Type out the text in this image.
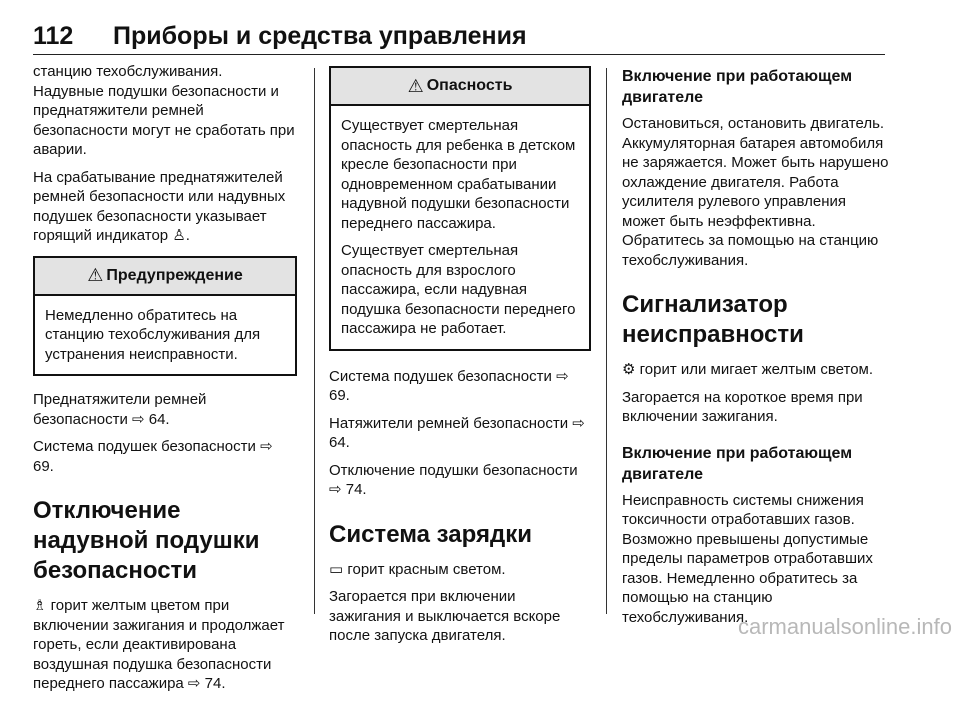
112 Приборы и средства управления

станцию техобслуживания. Надувные подушки безопасности и преднатяжители ремней безопасности могут не сработать при аварии.

На срабатывание преднатяжителей ремней безопасности или надувных подушек безопасности указывает горящий индикатор ♙.

⚠ Предупреждение

Немедленно обратитесь на станцию техобслуживания для устранения неисправности.

Преднатяжители ремней безопасности ⇨ 64.

Система подушек безопасности ⇨ 69.

Отключение надувной подушки безопасности

♗ горит желтым цветом при включении зажигания и продолжает гореть, если деактивирована воздушная подушка безопасности переднего пассажира ⇨ 74.

⚠ Опасность

Существует смертельная опасность для ребенка в детском кресле безопасности при одновременном срабатывании надувной подушки безопасности переднего пассажира.

Существует смертельная опасность для взрослого пассажира, если надувная подушка безопасности переднего пассажира не работает.

Система подушек безопасности ⇨ 69.

Натяжители ремней безопасности ⇨ 64.

Отключение подушки безопасности ⇨ 74.

Система зарядки

▭ горит красным светом.

Загорается при включении зажигания и выключается вскоре после запуска двигателя.

Включение при работающем двигателе

Остановиться, остановить двигатель. Аккумуляторная батарея автомобиля не заряжается. Может быть нарушено охлаждение двигателя. Работа усилителя рулевого управления может быть неэффективна. Обратитесь за помощью на станцию техобслуживания.

Сигнализатор неисправности

⚙ горит или мигает желтым светом.

Загорается на короткое время при включении зажигания.

Включение при работающем двигателе

Неисправность системы снижения токсичности отработавших газов. Возможно превышены допустимые пределы параметров отработавших газов. Немедленно обратитесь за помощью на станцию техобслуживания.

carmanualsonline.info
